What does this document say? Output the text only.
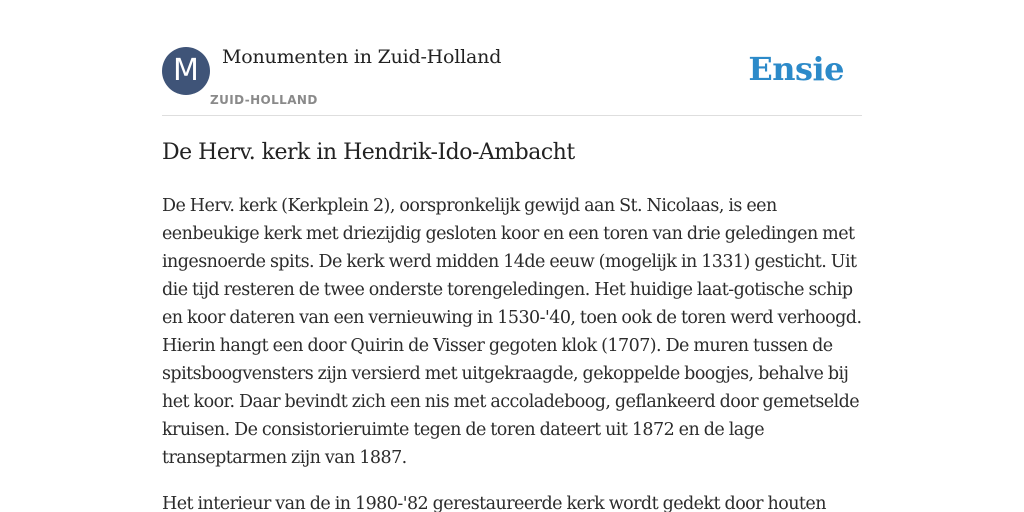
M	Monumenten in Zuid-Holland
ZUID-HOLLAND
Ensie
De Herv. kerk in Hendrik-Ido-Ambacht

De Herv. kerk (Kerkplein 2), oorspronkelijk gewijd aan St. Nicolaas, is een eenbeukige kerk met driezijdig gesloten koor en een toren van drie geledingen met ingesnoerde spits. De kerk werd midden 14de eeuw (mogelijk in 1331) gesticht. Uit die tijd resteren de twee onderste torengeledingen. Het huidige laat-gotische schip en koor dateren van een vernieuwing in 1530-'40, toen ook de toren werd verhoogd. Hierin hangt een door Quirin de Visser gegoten klok (1707). De muren tussen de spitsboogvensters zijn versierd met uitgekraagde, gekoppelde boogjes, behalve bij het koor. Daar bevindt zich een nis met accoladeboog, geflankeerd door gemetselde kruisen. De consistorieruimte tegen de toren dateert uit 1872 en de lage transeptarmen zijn van 1887.

Het interieur van de in 1980-'82 gerestaureerde kerk wordt gedekt door houten
